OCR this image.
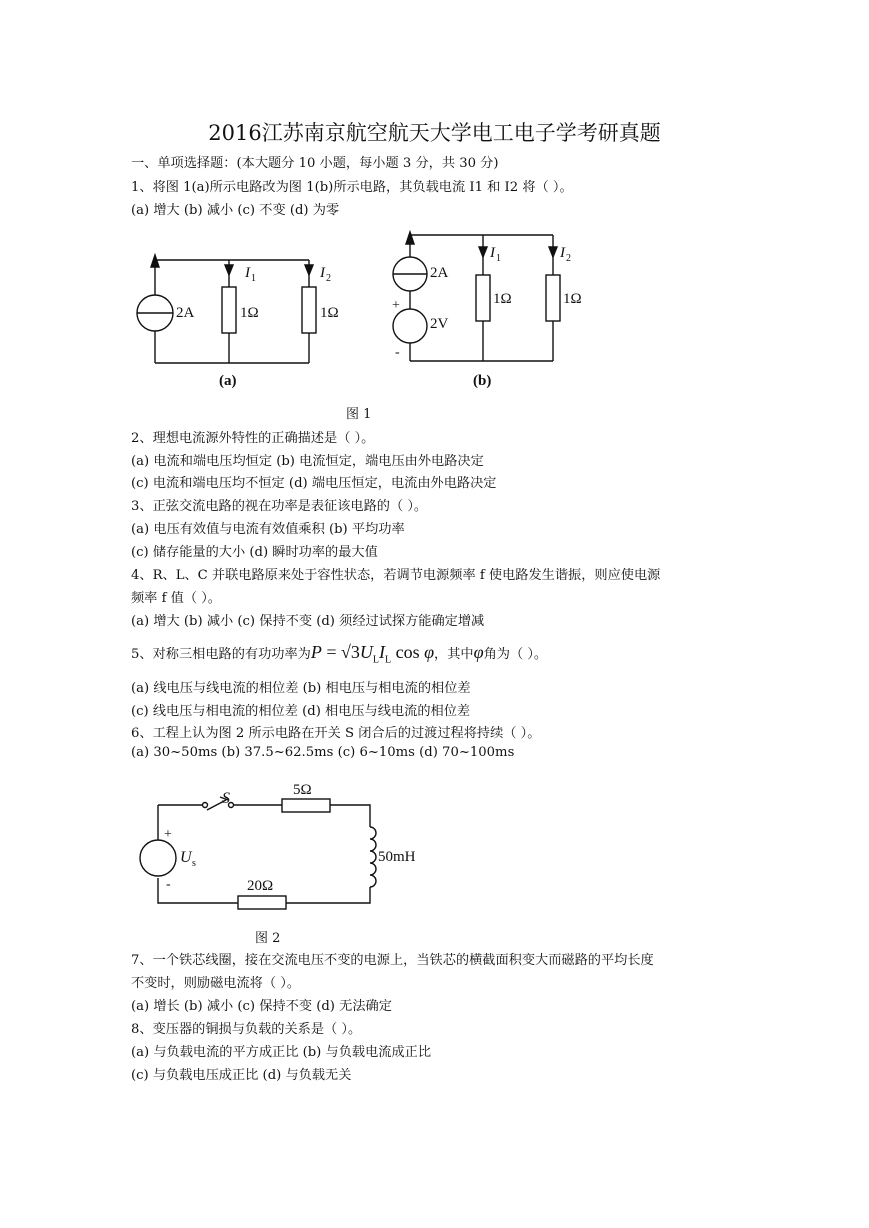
2016江苏南京航空航天大学电工电子学考研真题
一、单项选择题：(本大题分 10 小题，每小题 3 分，共 30 分)
1、将图 1(a)所示电路改为图 1(b)所示电路，其负载电流 I1 和 I2 将（ ）。
(a) 增大 (b) 减小 (c) 不变 (d) 为零
2A	1Ω	1Ω
I 1	I 2
(a)
2A
2V
+
-
1Ω	1Ω
I 1	I 2
(b)
图 1
2、理想电流源外特性的正确描述是（ ）。
(a) 电流和端电压均恒定 (b) 电流恒定，端电压由外电路决定
(c) 电流和端电压均不恒定 (d) 端电压恒定，电流由外电路决定
3、正弦交流电路的视在功率是表征该电路的（ ）。
(a) 电压有效值与电流有效值乘积 (b) 平均功率
(c) 储存能量的大小 (d) 瞬时功率的最大值
4、R、L、C 并联电路原来处于容性状态，若调节电源频率 f 使电路发生谐振，则应使电源
频率 f 值（ ）。
(a) 增大 (b) 减小 (c) 保持不变 (d) 须经过试探方能确定增减
5、对称三相电路的有功功率为$P = √3U_LI_L$ cos φ，其中φ角为（ ）。
(a) 线电压与线电流的相位差 (b) 相电压与相电流的相位差
(c) 线电压与相电流的相位差 (d) 相电压与线电流的相位差
6、工程上认为图 2 所示电路在开关 S 闭合后的过渡过程将持续（ ）。
(a) 30~50ms (b) 37.5~62.5ms (c) 6~10ms (d) 70~100ms
S	5Ω
50mH
20Ω
U s
+
-
图 2
7、一个铁芯线圈，接在交流电压不变的电源上，当铁芯的横截面积变大而磁路的平均长度
不变时，则励磁电流将（ ）。
(a) 增长 (b) 减小 (c) 保持不变 (d) 无法确定
8、变压器的铜损与负载的关系是（ ）。
(a) 与负载电流的平方成正比 (b) 与负载电流成正比
(c) 与负载电压成正比 (d) 与负载无关
